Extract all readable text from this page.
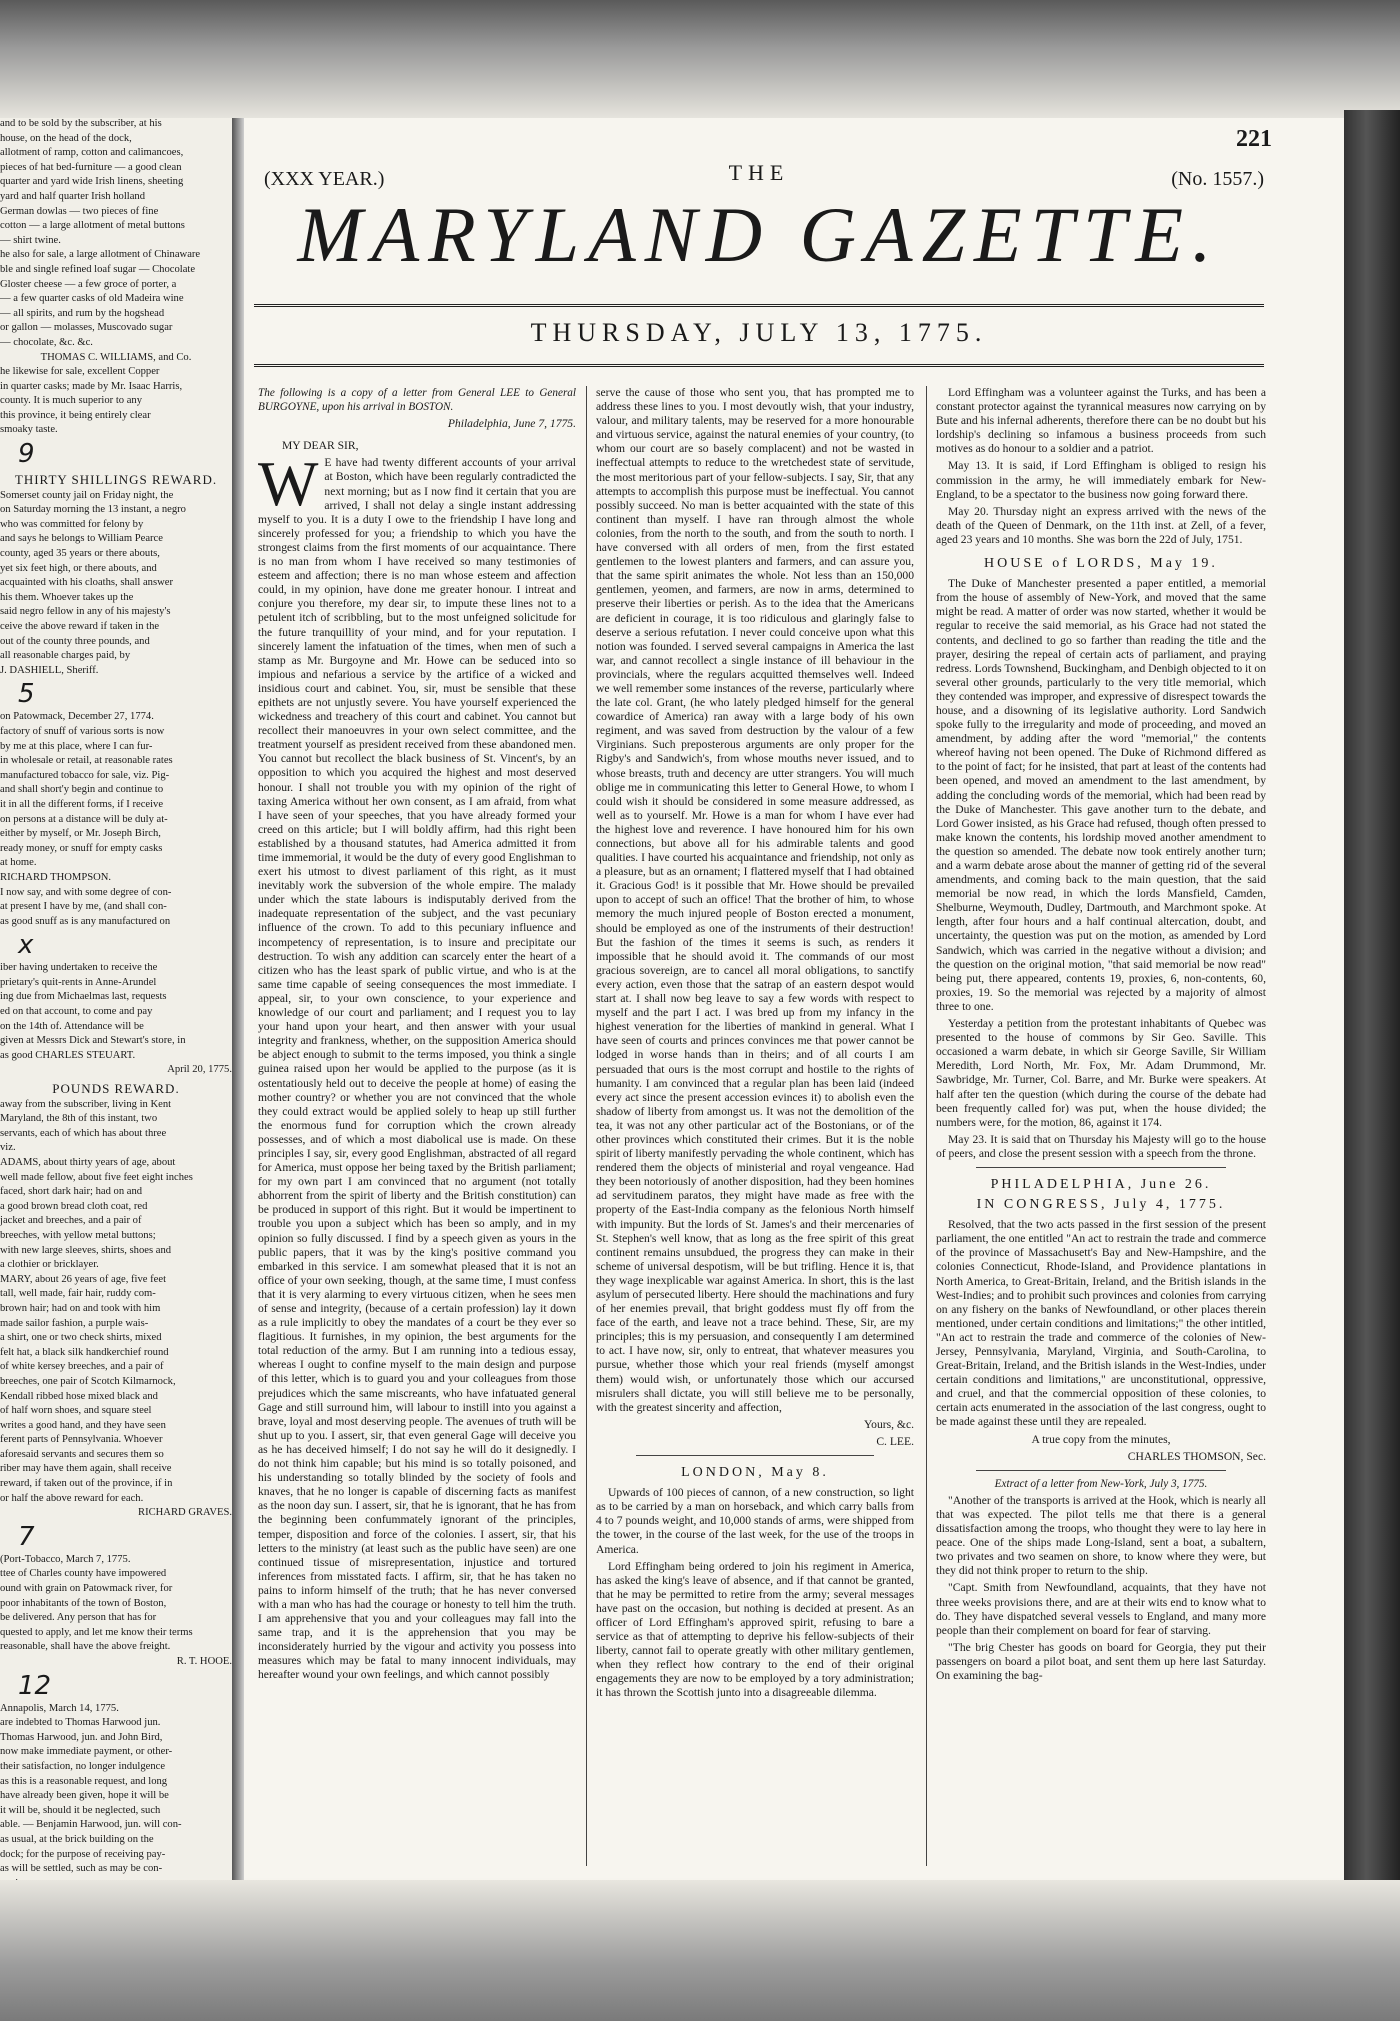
and to be sold by the subscriber, at his

house, on the head of the dock,

allotment of ramp, cotton and calimancoes,

pieces of hat bed-furniture — a good clean

quarter and yard wide Irish linens, sheeting

yard and half quarter Irish holland

German dowlas — two pieces of fine

cotton — a large allotment of metal buttons

— shirt twine.

he also for sale, a large allotment of Chinaware

ble and single refined loaf sugar — Chocolate

Gloster cheese — a few groce of porter, a

— a few quarter casks of old Madeira wine

— all spirits, and rum by the hogshead

or gallon — molasses, Muscovado sugar

— chocolate, &c. &c.

THOMAS C. WILLIAMS, and Co.

he likewise for sale, excellent Copper

in quarter casks; made by Mr. Isaac Harris,

county. It is much superior to any

this province, it being entirely clear

smoaky taste.

9

THIRTY SHILLINGS REWARD.

Somerset county jail on Friday night, the

on Saturday morning the 13 instant, a negro

who was committed for felony by

and says he belongs to William Pearce

county, aged 35 years or there abouts,

yet six feet high, or there abouts, and

acquainted with his cloaths, shall answer

his them. Whoever takes up the

said negro fellow in any of his majesty's

ceive the above reward if taken in the

out of the county three pounds, and

all reasonable charges paid, by

J. DASHIELL, Sheriff.

5

on Patowmack, December 27, 1774.

factory of snuff of various sorts is now

by me at this place, where I can fur-

in wholesale or retail, at reasonable rates

manufactured tobacco for sale, viz. Pig-

and shall short'y begin and continue to

it in all the different forms, if I receive

on persons at a distance will be duly at-

either by myself, or Mr. Joseph Birch,

ready money, or snuff for empty casks

at home.

RICHARD THOMPSON.

I now say, and with some degree of con-

at present I have by me, (and shall con-

as good snuff as is any manufactured on

x

iber having undertaken to receive the

prietary's quit-rents in Anne-Arundel

ing due from Michaelmas last, requests

ed on that account, to come and pay

on the 14th of. Attendance will be

given at Messrs Dick and Stewart's store, in

as good CHARLES STEUART.

April 20, 1775.

POUNDS REWARD.

away from the subscriber, living in Kent

Maryland, the 8th of this instant, two

servants, each of which has about three

viz.

ADAMS, about thirty years of age, about

well made fellow, about five feet eight inches

faced, short dark hair; had on and

a good brown bread cloth coat, red

jacket and breeches, and a pair of

breeches, with yellow metal buttons;

with new large sleeves, shirts, shoes and

a clothier or bricklayer.

MARY, about 26 years of age, five feet

tall, well made, fair hair, ruddy com-

brown hair; had on and took with him

made sailor fashion, a purple wais-

a shirt, one or two check shirts, mixed

felt hat, a black silk handkerchief round

of white kersey breeches, and a pair of

breeches, one pair of Scotch Kilmarnock,

Kendall ribbed hose mixed black and

of half worn shoes, and square steel

writes a good hand, and they have seen

ferent parts of Pennsylvania. Whoever

aforesaid servants and secures them so

riber may have them again, shall receive

reward, if taken out of the province, if in

or half the above reward for each.

RICHARD GRAVES.

7

(Port-Tobacco, March 7, 1775.

ttee of Charles county have impowered

ound with grain on Patowmack river, for

poor inhabitants of the town of Boston,

be delivered. Any person that has for

quested to apply, and let me know their terms

reasonable, shall have the above freight.

R. T. HOOE.

12

Annapolis, March 14, 1775.

are indebted to Thomas Harwood jun.

Thomas Harwood, jun. and John Bird,

now make immediate payment, or other-

their satisfaction, no longer indulgence

as this is a reasonable request, and long

have already been given, hope it will be

it will be, should it be neglected, such

able. — Benjamin Harwood, jun. will con-

as usual, at the brick building on the

dock; for the purpose of receiving pay-

as will be settled, such as may be con-

(XXX YEAR.)	THE	(No. 1557.)
221
MARYLAND GAZETTE.
THURSDAY, JULY 13, 1775.

The following is a copy of a letter from General LEE to General BURGOYNE, upon his arrival in BOSTON.

Philadelphia, June 7, 1775.

MY DEAR SIR,

W E have had twenty different accounts of your arrival at Boston, which have been regularly contradicted the next morning; but as I now find it certain that you are arrived, I shall not delay a single instant addressing myself to you. It is a duty I owe to the friendship I have long and sincerely professed for you; a friendship to which you have the strongest claims from the first moments of our acquaintance. There is no man from whom I have received so many testimonies of esteem and affection; there is no man whose esteem and affection could, in my opinion, have done me greater honour. I intreat and conjure you therefore, my dear sir, to impute these lines not to a petulent itch of scribbling, but to the most unfeigned solicitude for the future tranquillity of your mind, and for your reputation. I sincerely lament the infatuation of the times, when men of such a stamp as Mr. Burgoyne and Mr. Howe can be seduced into so impious and nefarious a service by the artifice of a wicked and insidious court and cabinet. You, sir, must be sensible that these epithets are not unjustly severe. You have yourself experienced the wickedness and treachery of this court and cabinet. You cannot but recollect their manoeuvres in your own select committee, and the treatment yourself as president received from these abandoned men. You cannot but recollect the black business of St. Vincent's, by an opposition to which you acquired the highest and most deserved honour. I shall not trouble you with my opinion of the right of taxing America without her own consent, as I am afraid, from what I have seen of your speeches, that you have already formed your creed on this article; but I will boldly affirm, had this right been established by a thousand statutes, had America admitted it from time immemorial, it would be the duty of every good Englishman to exert his utmost to divest parliament of this right, as it must inevitably work the subversion of the whole empire. The malady under which the state labours is indisputably derived from the inadequate representation of the subject, and the vast pecuniary influence of the crown. To add to this pecuniary influence and incompetency of representation, is to insure and precipitate our destruction. To wish any addition can scarcely enter the heart of a citizen who has the least spark of public virtue, and who is at the same time capable of seeing consequences the most immediate. I appeal, sir, to your own conscience, to your experience and knowledge of our court and parliament; and I request you to lay your hand upon your heart, and then answer with your usual integrity and frankness, whether, on the supposition America should be abject enough to submit to the terms imposed, you think a single guinea raised upon her would be applied to the purpose (as it is ostentatiously held out to deceive the people at home) of easing the mother country? or whether you are not convinced that the whole they could extract would be applied solely to heap up still further the enormous fund for corruption which the crown already possesses, and of which a most diabolical use is made. On these principles I say, sir, every good Englishman, abstracted of all regard for America, must oppose her being taxed by the British parliament; for my own part I am convinced that no argument (not totally abhorrent from the spirit of liberty and the British constitution) can be produced in support of this right. But it would be impertinent to trouble you upon a subject which has been so amply, and in my opinion so fully discussed. I find by a speech given as yours in the public papers, that it was by the king's positive command you embarked in this service. I am somewhat pleased that it is not an office of your own seeking, though, at the same time, I must confess that it is very alarming to every virtuous citizen, when he sees men of sense and integrity, (because of a certain profession) lay it down as a rule implicitly to obey the mandates of a court be they ever so flagitious. It furnishes, in my opinion, the best arguments for the total reduction of the army. But I am running into a tedious essay, whereas I ought to confine myself to the main design and purpose of this letter, which is to guard you and your colleagues from those prejudices which the same miscreants, who have infatuated general Gage and still surround him, will labour to instill into you against a brave, loyal and most deserving people. The avenues of truth will be shut up to you. I assert, sir, that even general Gage will deceive you as he has deceived himself; I do not say he will do it designedly. I do not think him capable; but his mind is so totally poisoned, and his understanding so totally blinded by the society of fools and knaves, that he no longer is capable of discerning facts as manifest as the noon day sun. I assert, sir, that he is ignorant, that he has from the beginning been confummately ignorant of the principles, temper, disposition and force of the colonies. I assert, sir, that his letters to the ministry (at least such as the public have seen) are one continued tissue of misrepresentation, injustice and tortured inferences from misstated facts. I affirm, sir, that he has taken no pains to inform himself of the truth; that he has never conversed with a man who has had the courage or honesty to tell him the truth. I am apprehensive that you and your colleagues may fall into the same trap, and it is the apprehension that you may be inconsiderately hurried by the vigour and activity you possess into measures which may be fatal to many innocent individuals, may hereafter wound your own feelings, and which cannot possibly

serve the cause of those who sent you, that has prompted me to address these lines to you. I most devoutly wish, that your industry, valour, and military talents, may be reserved for a more honourable and virtuous service, against the natural enemies of your country, (to whom our court are so basely complacent) and not be wasted in ineffectual attempts to reduce to the wretchedest state of servitude, the most meritorious part of your fellow-subjects. I say, Sir, that any attempts to accomplish this purpose must be ineffectual. You cannot possibly succeed. No man is better acquainted with the state of this continent than myself. I have ran through almost the whole colonies, from the north to the south, and from the south to north. I have conversed with all orders of men, from the first estated gentlemen to the lowest planters and farmers, and can assure you, that the same spirit animates the whole. Not less than an 150,000 gentlemen, yeomen, and farmers, are now in arms, determined to preserve their liberties or perish. As to the idea that the Americans are deficient in courage, it is too ridiculous and glaringly false to deserve a serious refutation. I never could conceive upon what this notion was founded. I served several campaigns in America the last war, and cannot recollect a single instance of ill behaviour in the provincials, where the regulars acquitted themselves well. Indeed we well remember some instances of the reverse, particularly where the late col. Grant, (he who lately pledged himself for the general cowardice of America) ran away with a large body of his own regiment, and was saved from destruction by the valour of a few Virginians. Such preposterous arguments are only proper for the Rigby's and Sandwich's, from whose mouths never issued, and to whose breasts, truth and decency are utter strangers. You will much oblige me in communicating this letter to General Howe, to whom I could wish it should be considered in some measure addressed, as well as to yourself. Mr. Howe is a man for whom I have ever had the highest love and reverence. I have honoured him for his own connections, but above all for his admirable talents and good qualities. I have courted his acquaintance and friendship, not only as a pleasure, but as an ornament; I flattered myself that I had obtained it. Gracious God! is it possible that Mr. Howe should be prevailed upon to accept of such an office! That the brother of him, to whose memory the much injured people of Boston erected a monument, should be employed as one of the instruments of their destruction! But the fashion of the times it seems is such, as renders it impossible that he should avoid it. The commands of our most gracious sovereign, are to cancel all moral obligations, to sanctify every action, even those that the satrap of an eastern despot would start at. I shall now beg leave to say a few words with respect to myself and the part I act. I was bred up from my infancy in the highest veneration for the liberties of mankind in general. What I have seen of courts and princes convinces me that power cannot be lodged in worse hands than in theirs; and of all courts I am persuaded that ours is the most corrupt and hostile to the rights of humanity. I am convinced that a regular plan has been laid (indeed every act since the present accession evinces it) to abolish even the shadow of liberty from amongst us. It was not the demolition of the tea, it was not any other particular act of the Bostonians, or of the other provinces which constituted their crimes. But it is the noble spirit of liberty manifestly pervading the whole continent, which has rendered them the objects of ministerial and royal vengeance. Had they been notoriously of another disposition, had they been homines ad servitudinem paratos, they might have made as free with the property of the East-India company as the felonious North himself with impunity. But the lords of St. James's and their mercenaries of St. Stephen's well know, that as long as the free spirit of this great continent remains unsubdued, the progress they can make in their scheme of universal despotism, will be but trifling. Hence it is, that they wage inexplicable war against America. In short, this is the last asylum of persecuted liberty. Here should the machinations and fury of her enemies prevail, that bright goddess must fly off from the face of the earth, and leave not a trace behind. These, Sir, are my principles; this is my persuasion, and consequently I am determined to act. I have now, sir, only to entreat, that whatever measures you pursue, whether those which your real friends (myself amongst them) would wish, or unfortunately those which our accursed misrulers shall dictate, you will still believe me to be personally, with the greatest sincerity and affection,

Yours, &c.

C. LEE.

LONDON, May 8.

Upwards of 100 pieces of cannon, of a new construction, so light as to be carried by a man on horseback, and which carry balls from 4 to 7 pounds weight, and 10,000 stands of arms, were shipped from the tower, in the course of the last week, for the use of the troops in America.

Lord Effingham being ordered to join his regiment in America, has asked the king's leave of absence, and if that cannot be granted, that he may be permitted to retire from the army; several messages have past on the occasion, but nothing is decided at present. As an officer of Lord Effingham's approved spirit, refusing to bare a service as that of attempting to deprive his fellow-subjects of their liberty, cannot fail to operate greatly with other military gentlemen, when they reflect how contrary to the end of their original engagements they are now to be employed by a tory administration; it has thrown the Scottish junto into a disagreeable dilemma.

Lord Effingham was a volunteer against the Turks, and has been a constant protector against the tyrannical measures now carrying on by Bute and his infernal adherents, therefore there can be no doubt but his lordship's declining so infamous a business proceeds from such motives as do honour to a soldier and a patriot.

May 13. It is said, if Lord Effingham is obliged to resign his commission in the army, he will immediately embark for New-England, to be a spectator to the business now going forward there.

May 20. Thursday night an express arrived with the news of the death of the Queen of Denmark, on the 11th inst. at Zell, of a fever, aged 23 years and 10 months. She was born the 22d of July, 1751.

HOUSE of LORDS, May 19.

The Duke of Manchester presented a paper entitled, a memorial from the house of assembly of New-York, and moved that the same might be read. A matter of order was now started, whether it would be regular to receive the said memorial, as his Grace had not stated the contents, and declined to go so farther than reading the title and the prayer, desiring the repeal of certain acts of parliament, and praying redress. Lords Townshend, Buckingham, and Denbigh objected to it on several other grounds, particularly to the very title memorial, which they contended was improper, and expressive of disrespect towards the house, and a disowning of its legislative authority. Lord Sandwich spoke fully to the irregularity and mode of proceeding, and moved an amendment, by adding after the word "memorial," the contents whereof having not been opened. The Duke of Richmond differed as to the point of fact; for he insisted, that part at least of the contents had been opened, and moved an amendment to the last amendment, by adding the concluding words of the memorial, which had been read by the Duke of Manchester. This gave another turn to the debate, and Lord Gower insisted, as his Grace had refused, though often pressed to make known the contents, his lordship moved another amendment to the question so amended. The debate now took entirely another turn; and a warm debate arose about the manner of getting rid of the several amendments, and coming back to the main question, that the said memorial be now read, in which the lords Mansfield, Camden, Shelburne, Weymouth, Dudley, Dartmouth, and Marchmont spoke. At length, after four hours and a half continual altercation, doubt, and uncertainty, the question was put on the motion, as amended by Lord Sandwich, which was carried in the negative without a division; and the question on the original motion, "that said memorial be now read" being put, there appeared, contents 19, proxies, 6, non-contents, 60, proxies, 19. So the memorial was rejected by a majority of almost three to one.

Yesterday a petition from the protestant inhabitants of Quebec was presented to the house of commons by Sir Geo. Saville. This occasioned a warm debate, in which sir George Saville, Sir William Meredith, Lord North, Mr. Fox, Mr. Adam Drummond, Mr. Sawbridge, Mr. Turner, Col. Barre, and Mr. Burke were speakers. At half after ten the question (which during the course of the debate had been frequently called for) was put, when the house divided; the numbers were, for the motion, 86, against it 174.

May 23. It is said that on Thursday his Majesty will go to the house of peers, and close the present session with a speech from the throne.

PHILADELPHIA, June 26.

IN CONGRESS, July 4, 1775.

Resolved, that the two acts passed in the first session of the present parliament, the one entitled "An act to restrain the trade and commerce of the province of Massachusett's Bay and New-Hampshire, and the colonies Connecticut, Rhode-Island, and Providence plantations in North America, to Great-Britain, Ireland, and the British islands in the West-Indies; and to prohibit such provinces and colonies from carrying on any fishery on the banks of Newfoundland, or other places therein mentioned, under certain conditions and limitations;" the other intitled, "An act to restrain the trade and commerce of the colonies of New-Jersey, Pennsylvania, Maryland, Virginia, and South-Carolina, to Great-Britain, Ireland, and the British islands in the West-Indies, under certain conditions and limitations," are unconstitutional, oppressive, and cruel, and that the commercial opposition of these colonies, to certain acts enumerated in the association of the last congress, ought to be made against these until they are repealed.

A true copy from the minutes,

CHARLES THOMSON, Sec.

Extract of a letter from New-York, July 3, 1775.

"Another of the transports is arrived at the Hook, which is nearly all that was expected. The pilot tells me that there is a general dissatisfaction among the troops, who thought they were to lay here in peace. One of the ships made Long-Island, sent a boat, a subaltern, two privates and two seamen on shore, to know where they were, but they did not think proper to return to the ship.

"Capt. Smith from Newfoundland, acquaints, that they have not three weeks provisions there, and are at their wits end to know what to do. They have dispatched several vessels to England, and many more people than their complement on board for fear of starving.

"The brig Chester has goods on board for Georgia, they put their passengers on board a pilot boat, and sent them up here last Saturday. On examining the bag-
